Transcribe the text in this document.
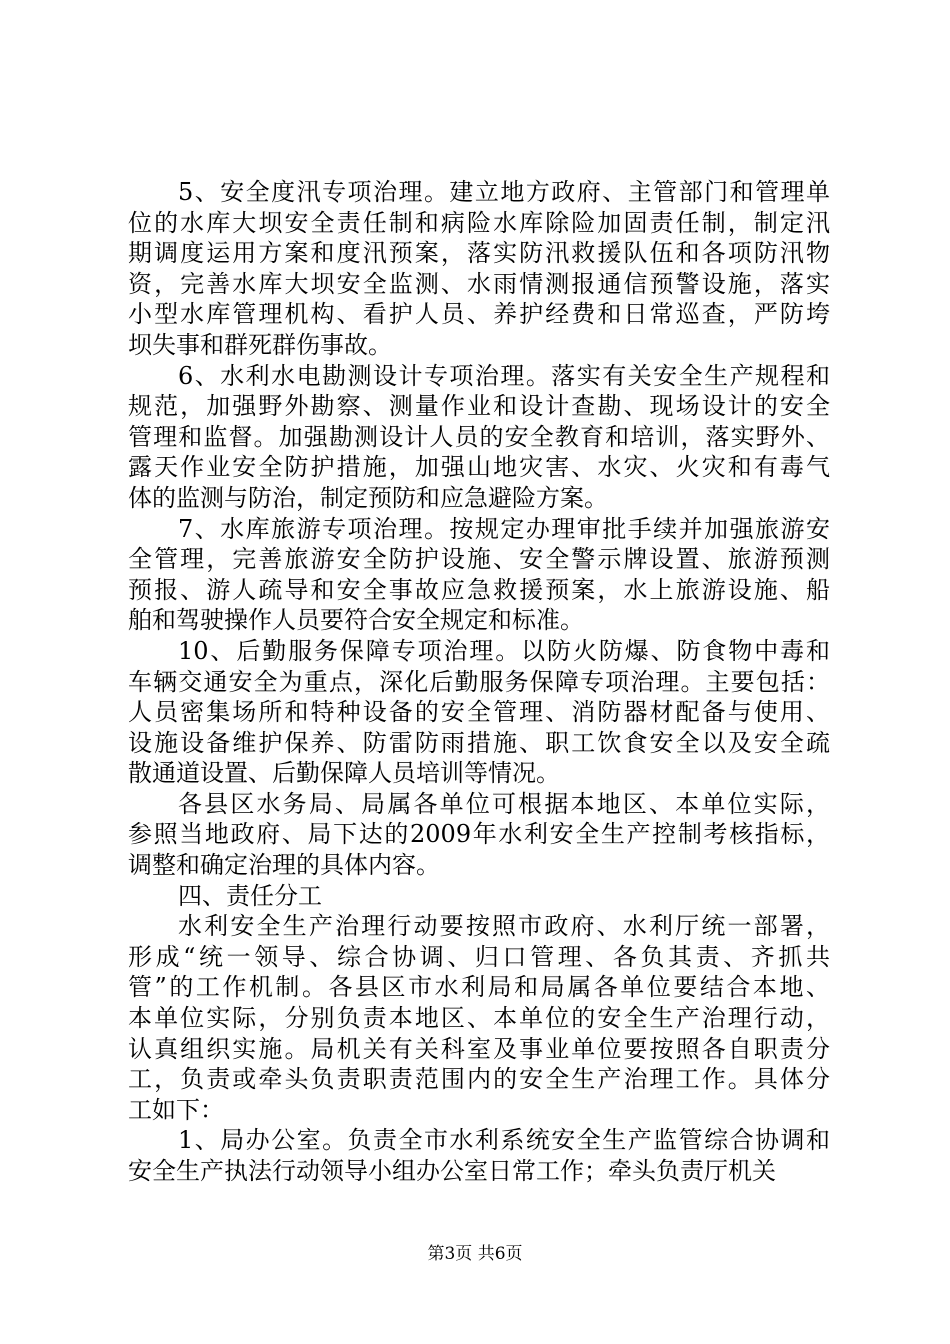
5、安全度汛专项治理。建立地方政府、主管部门和管理单
位的水库大坝安全责任制和病险水库除险加固责任制，制定汛
期调度运用方案和度汛预案，落实防汛救援队伍和各项防汛物
资，完善水库大坝安全监测、水雨情测报通信预警设施，落实
小型水库管理机构、看护人员、养护经费和日常巡查，严防垮
坝失事和群死群伤事故。
6、水利水电勘测设计专项治理。落实有关安全生产规程和
规范，加强野外勘察、测量作业和设计查勘、现场设计的安全
管理和监督。加强勘测设计人员的安全教育和培训，落实野外、
露天作业安全防护措施，加强山地灾害、水灾、火灾和有毒气
体的监测与防治，制定预防和应急避险方案。
7、水库旅游专项治理。按规定办理审批手续并加强旅游安
全管理，完善旅游安全防护设施、安全警示牌设置、旅游预测
预报、游人疏导和安全事故应急救援预案，水上旅游设施、船
舶和驾驶操作人员要符合安全规定和标准。
10、后勤服务保障专项治理。以防火防爆、防食物中毒和
车辆交通安全为重点，深化后勤服务保障专项治理。主要包括：
人员密集场所和特种设备的安全管理、消防器材配备与使用、
设施设备维护保养、防雷防雨措施、职工饮食安全以及安全疏
散通道设置、后勤保障人员培训等情况。
各县区水务局、局属各单位可根据本地区、本单位实际，
参照当地政府、局下达的2009年水利安全生产控制考核指标，
调整和确定治理的具体内容。
四、责任分工
水利安全生产治理行动要按照市政府、水利厅统一部署，
形成“统一领导、综合协调、归口管理、各负其责、齐抓共
管”的工作机制。各县区市水利局和局属各单位要结合本地、
本单位实际，分别负责本地区、本单位的安全生产治理行动，
认真组织实施。局机关有关科室及事业单位要按照各自职责分
工，负责或牵头负责职责范围内的安全生产治理工作。具体分
工如下：
1、局办公室。负责全市水利系统安全生产监管综合协调和
安全生产执法行动领导小组办公室日常工作；牵头负责厅机关
第3页 共6页
